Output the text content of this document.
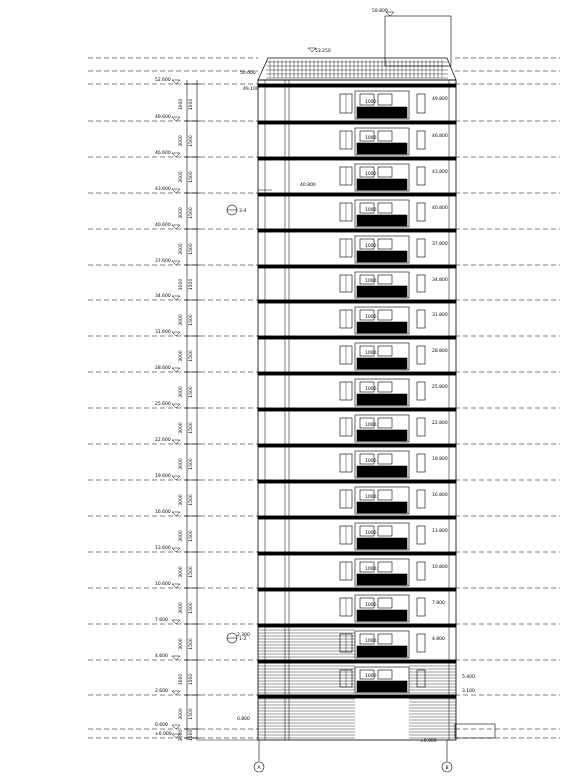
52.600
49.600
46.600
43.600
40.600
37.600
34.600
31.600
28.600
25.600
22.600
19.600
16.600
13.600
10.600
7.600
4.600
2.600
0.600
±0.000
3000 1500
3000 1500
3000 1500
3000 1500
3000 1500
3000 1500
3000 1500
3000 1500
3000 1500
3000 1500
3000 1500
3000 1500
3000 1500
3000 1500
3000 1500
3000 1500
3000 1500
3000 1500
3000 1500
59.800
53.250
50.600
49.100
1000
49.800
1000	46.800
1000	43.800
1000	40.800
1000	37.800
1000	34.800
1000	31.800
1000	28.800
1000	25.800
1000	22.800
1000	19.800
1000	16.800
1000	13.800
1000	10.800
1000	7.800
1000	4.800
1000
3-4
1-2
40.800
2.300
0.800
5.400
3.100
±0.000
A	B
